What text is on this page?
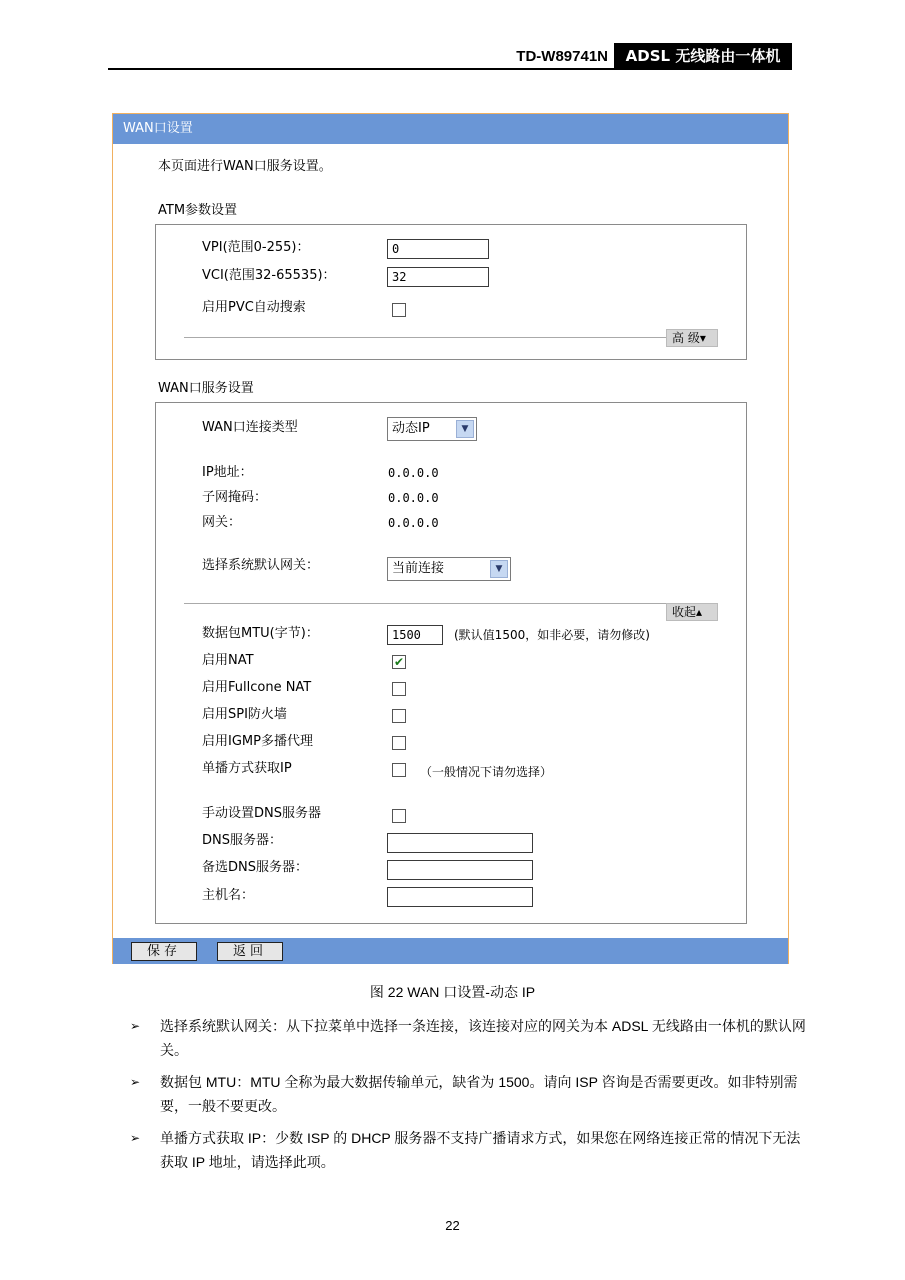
TD-W89741N	ADSL 无线路由一体机
WAN口设置
本页面进行WAN口服务设置。
ATM参数设置
VPI(范围0-255)：	0
VCI(范围32-65535)：	32
启用PVC自动搜索
高 级▾
WAN口服务设置
WAN口连接类型	动态IP	▼
IP地址：	0.0.0.0
子网掩码：	0.0.0.0
网关：	0.0.0.0
选择系统默认网关：	当前连接	▼
收起▴
数据包MTU(字节)：	1500	(默认值1500，如非必要，请勿修改)
启用NAT	✔
启用Fullcone NAT
启用SPI防火墙
启用IGMP多播代理
单播方式获取IP	（一般情况下请勿选择）
手动设置DNS服务器
DNS服务器：
备选DNS服务器：
主机名：
保存	返回
图 22 WAN 口设置-动态 IP
➢ 选择系统默认网关：从下拉菜单中选择一条连接，该连接对应的网关为本 ADSL 无线路由一体机的默认网关。
➢ 数据包 MTU：MTU 全称为最大数据传输单元，缺省为 1500。请向 ISP 咨询是否需要更改。如非特别需要，一般不要更改。
➢ 单播方式获取 IP：少数 ISP 的 DHCP 服务器不支持广播请求方式，如果您在网络连接正常的情况下无法获取 IP 地址，请选择此项。
22
